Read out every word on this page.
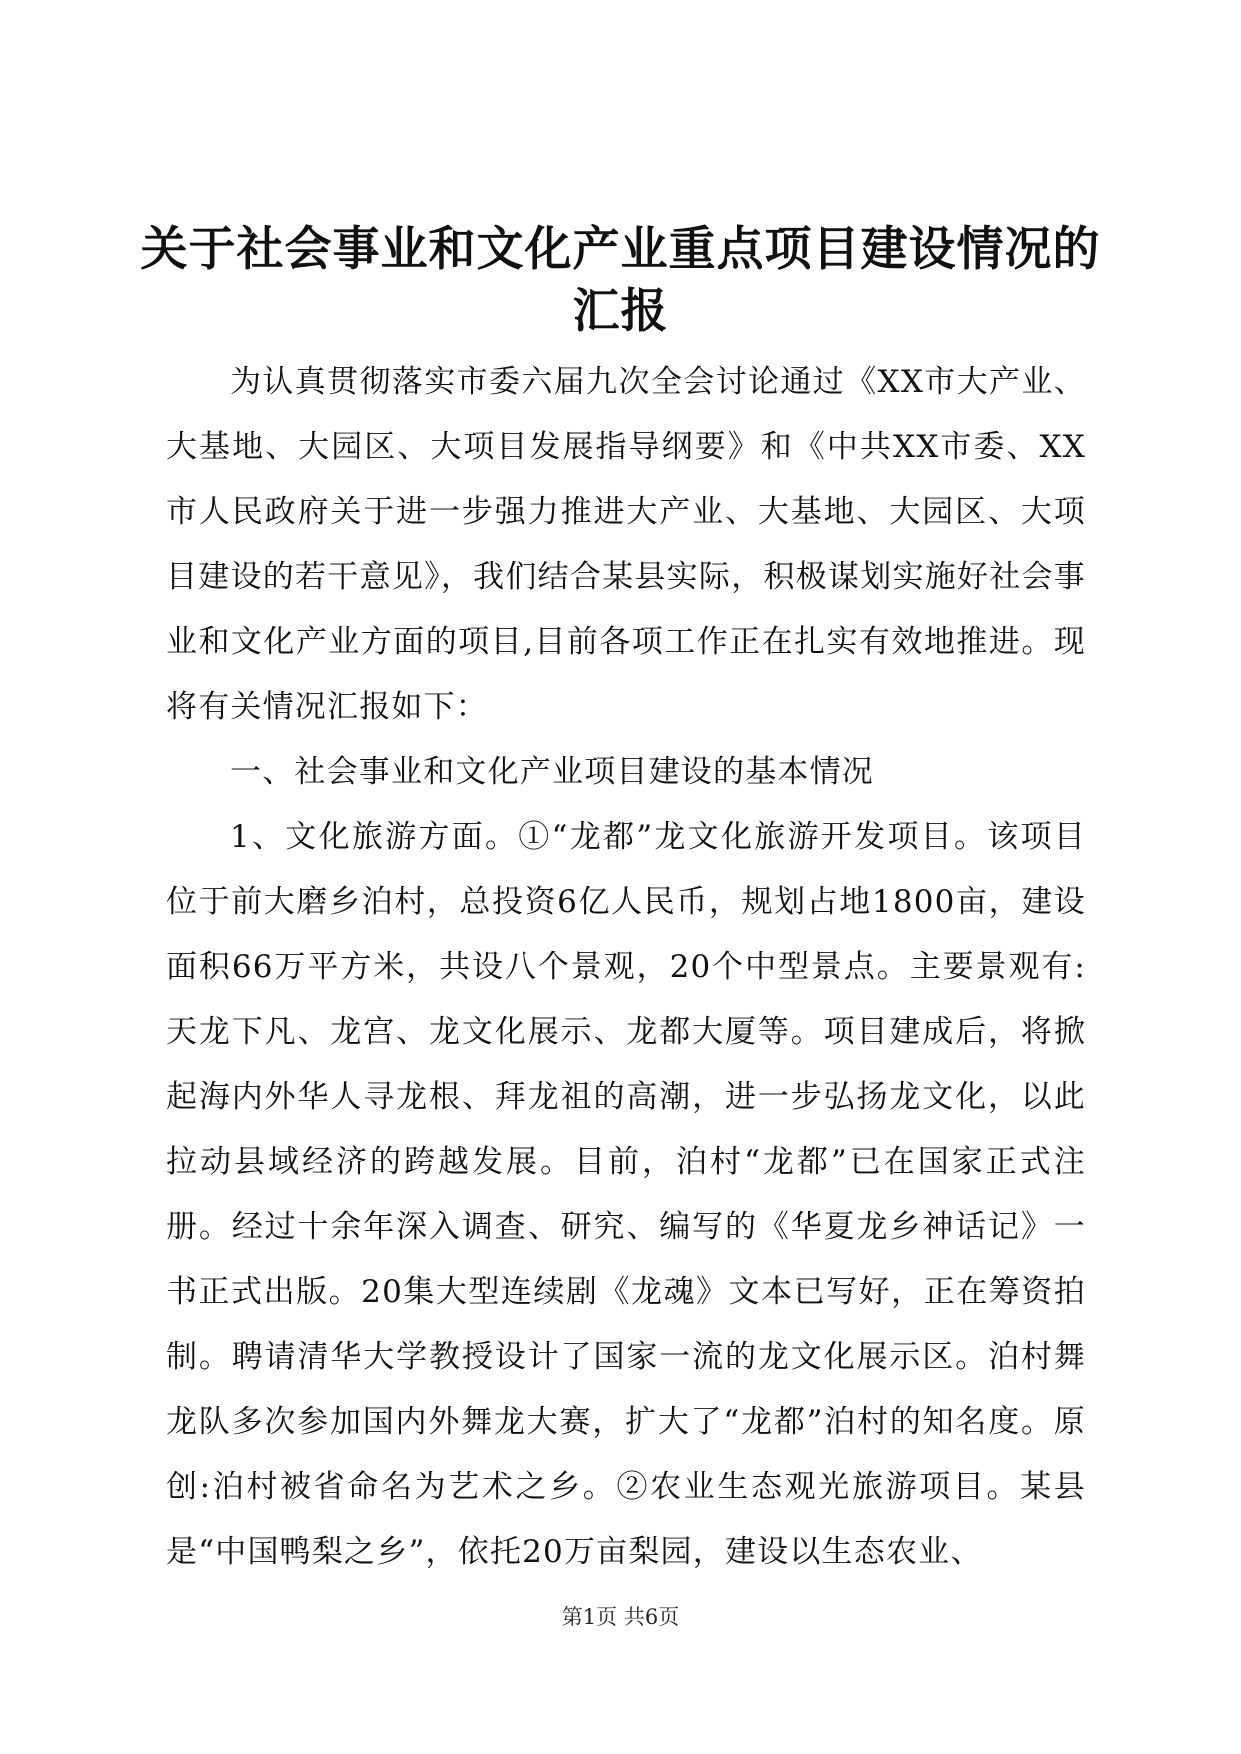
关于社会事业和文化产业重点项目建设情况的
汇报

为认真贯彻落实市委六届九次全会讨论通过《XX市大产业、大基地、大园区、大项目发展指导纲要》和《中共XX市委、XX市人民政府关于进一步强力推进大产业、大基地、大园区、大项目建设的若干意见》，我们结合某县实际，积极谋划实施好社会事业和文化产业方面的项目,目前各项工作正在扎实有效地推进。现将有关情况汇报如下：

一、社会事业和文化产业项目建设的基本情况

1、文化旅游方面。①“龙都”龙文化旅游开发项目。该项目位于前大磨乡泊村，总投资6亿人民币，规划占地1800亩，建设面积66万平方米，共设八个景观，20个中型景点。主要景观有:天龙下凡、龙宫、龙文化展示、龙都大厦等。项目建成后，将掀起海内外华人寻龙根、拜龙祖的高潮，进一步弘扬龙文化，以此拉动县域经济的跨越发展。目前，泊村“龙都”已在国家正式注册。经过十余年深入调查、研究、编写的《华夏龙乡神话记》一书正式出版。20集大型连续剧《龙魂》文本已写好，正在筹资拍制。聘请清华大学教授设计了国家一流的龙文化展示区。泊村舞龙队多次参加国内外舞龙大赛，扩大了“龙都”泊村的知名度。原创:泊村被省命名为艺术之乡。②农业生态观光旅游项目。某县是“中国鸭梨之乡”，依托20万亩梨园，建设以生态农业、

第1页 共6页
